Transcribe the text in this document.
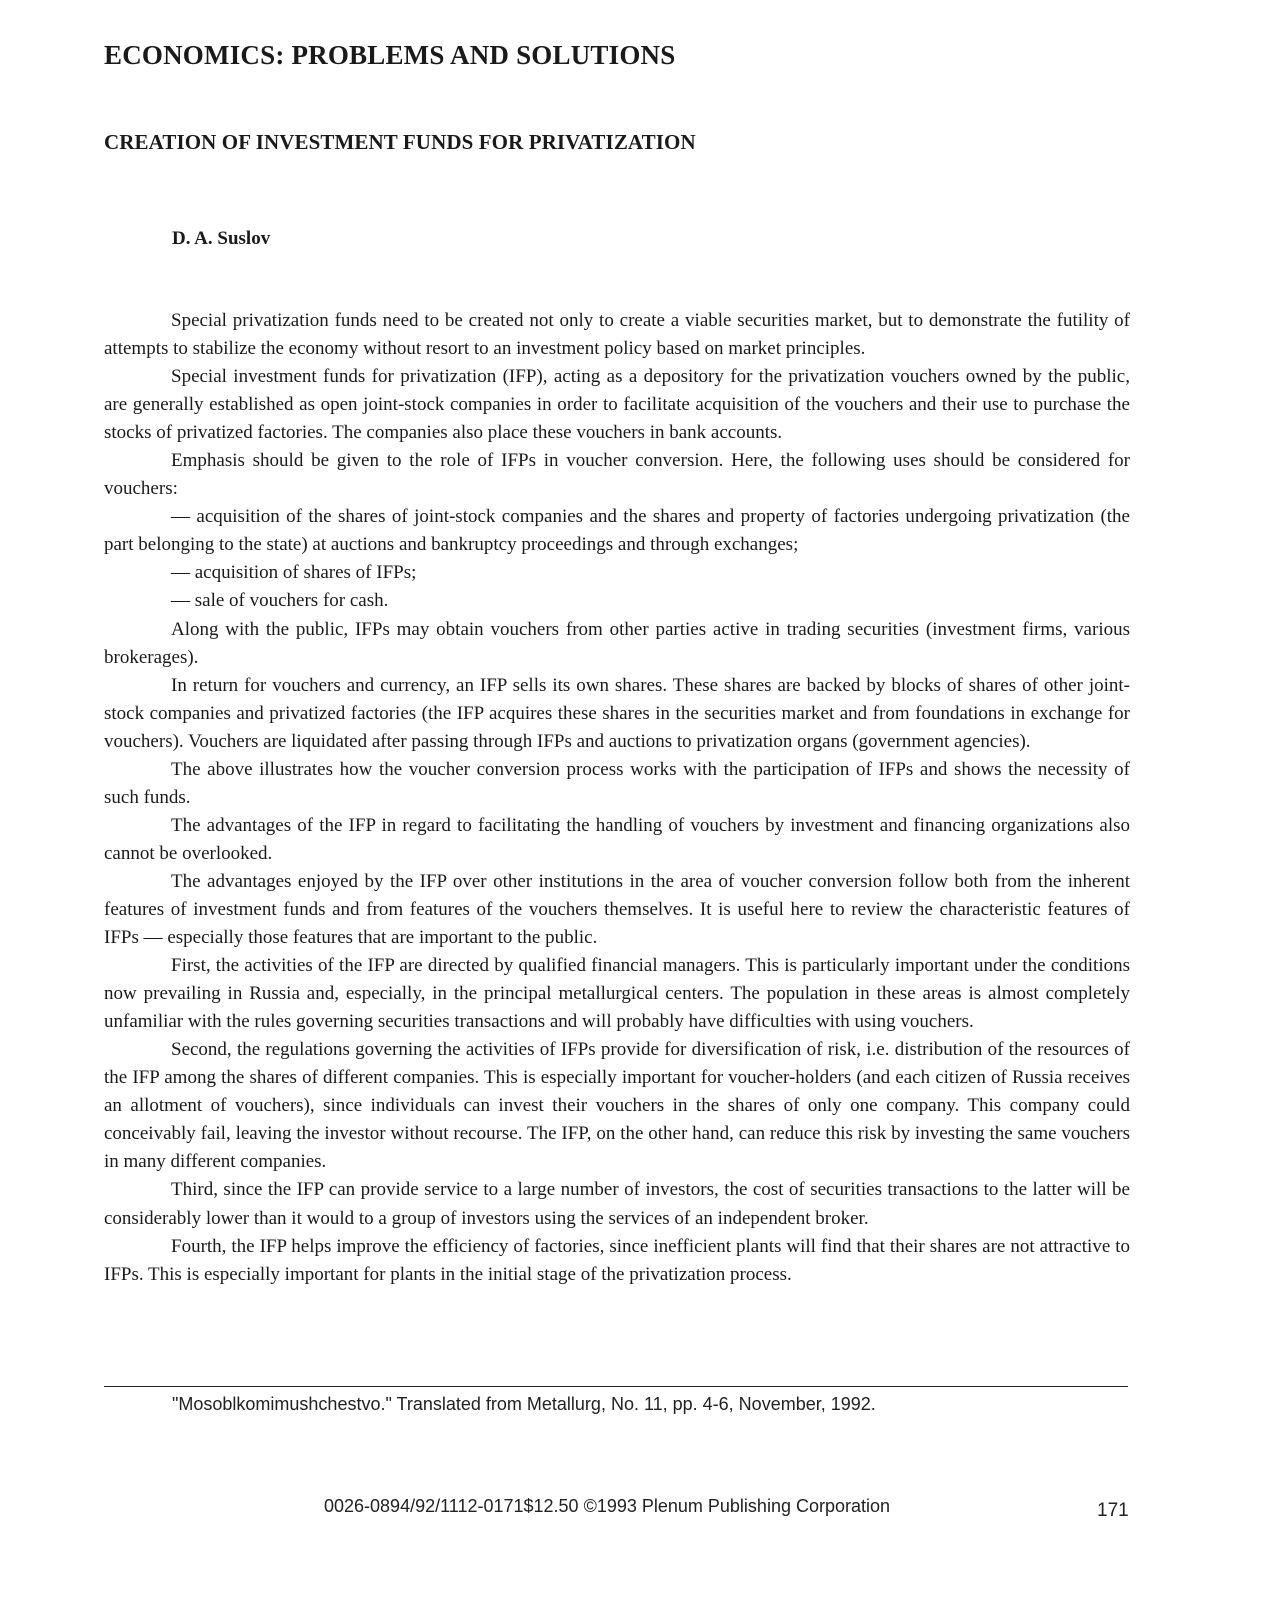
ECONOMICS: PROBLEMS AND SOLUTIONS
CREATION OF INVESTMENT FUNDS FOR PRIVATIZATION

D. A. Suslov

Special privatization funds need to be created not only to create a viable securities market, but to demonstrate the futility of attempts to stabilize the economy without resort to an investment policy based on market principles.

Special investment funds for privatization (IFP), acting as a depository for the privatization vouchers owned by the public, are generally established as open joint-stock companies in order to facilitate acquisition of the vouchers and their use to purchase the stocks of privatized factories. The companies also place these vouchers in bank accounts.

Emphasis should be given to the role of IFPs in voucher conversion. Here, the following uses should be considered for vouchers:

— acquisition of the shares of joint-stock companies and the shares and property of factories undergoing privatization (the part belonging to the state) at auctions and bankruptcy proceedings and through exchanges;

— acquisition of shares of IFPs;

— sale of vouchers for cash.

Along with the public, IFPs may obtain vouchers from other parties active in trading securities (investment firms, various brokerages).

In return for vouchers and currency, an IFP sells its own shares. These shares are backed by blocks of shares of other joint-stock companies and privatized factories (the IFP acquires these shares in the securities market and from foundations in exchange for vouchers). Vouchers are liquidated after passing through IFPs and auctions to privatization organs (government agencies).

The above illustrates how the voucher conversion process works with the participation of IFPs and shows the necessity of such funds.

The advantages of the IFP in regard to facilitating the handling of vouchers by investment and financing organizations also cannot be overlooked.

The advantages enjoyed by the IFP over other institutions in the area of voucher conversion follow both from the inherent features of investment funds and from features of the vouchers themselves. It is useful here to review the characteristic features of IFPs — especially those features that are important to the public.

First, the activities of the IFP are directed by qualified financial managers. This is particularly important under the conditions now prevailing in Russia and, especially, in the principal metallurgical centers. The population in these areas is almost completely unfamiliar with the rules governing securities transactions and will probably have difficulties with using vouchers.

Second, the regulations governing the activities of IFPs provide for diversification of risk, i.e. distribution of the resources of the IFP among the shares of different companies. This is especially important for voucher-holders (and each citizen of Russia receives an allotment of vouchers), since individuals can invest their vouchers in the shares of only one company. This company could conceivably fail, leaving the investor without recourse. The IFP, on the other hand, can reduce this risk by investing the same vouchers in many different companies.

Third, since the IFP can provide service to a large number of investors, the cost of securities transactions to the latter will be considerably lower than it would to a group of investors using the services of an independent broker.

Fourth, the IFP helps improve the efficiency of factories, since inefficient plants will find that their shares are not attractive to IFPs. This is especially important for plants in the initial stage of the privatization process.

"Mosoblkomimushchestvo." Translated from Metallurg, No. 11, pp. 4-6, November, 1992.

0026-0894/92/1112-0171$12.50 ©1993 Plenum Publishing Corporation	171
